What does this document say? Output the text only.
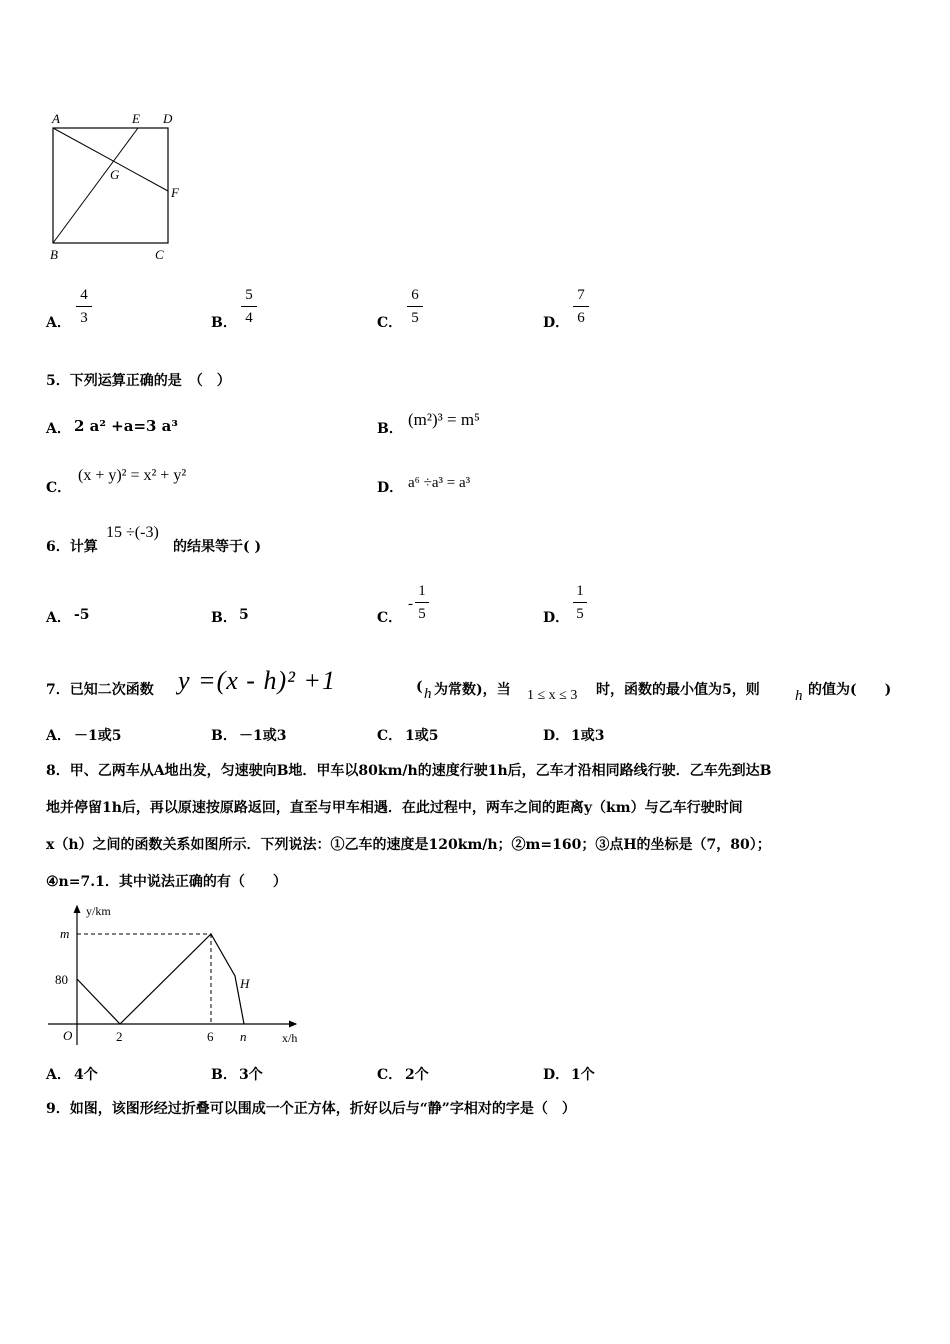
A	E D
G
F
B	C
A．
4
3	B．
5
4	C．
6
5	D．
7
6
5．下列运算正确的是　（　）
A． 2 a² +a=3 a³	B． (m²)³ = m⁵
C．
(x + y)² = x² + y²
D． a⁶ ÷a³ = a³
6．计算
15 ÷(-3)
的结果等于( )
A． -5	B． 5	C．
-
1
5	D．
1
5
7．已知二次函数 y =(x - h)² +1	( h 为常数)，当 1 ≤ x ≤ 3 时，函数的最小值为5，则 h 的值为(　　)
A． －1或5	B． －1或3	C． 1或5	D． 1或3
8．甲、乙两车从A地出发，匀速驶向B地．甲车以80km/h的速度行驶1h后，乙车才沿相同路线行驶．乙车先到达B
地并停留1h后，再以原速按原路返回，直至与甲车相遇．在此过程中，两车之间的距离y（km）与乙车行驶时间
x（h）之间的函数关系如图所示．下列说法：①乙车的速度是120km/h；②m=160；③点H的坐标是（7，80）；
④n=7.1．其中说法正确的有（　　）
y/km
x/h
m
80
O	2	6 n
H
A． 4个	B． 3个	C． 2个	D． 1个
9．如图，该图形经过折叠可以围成一个正方体，折好以后与“静”字相对的字是（　）
